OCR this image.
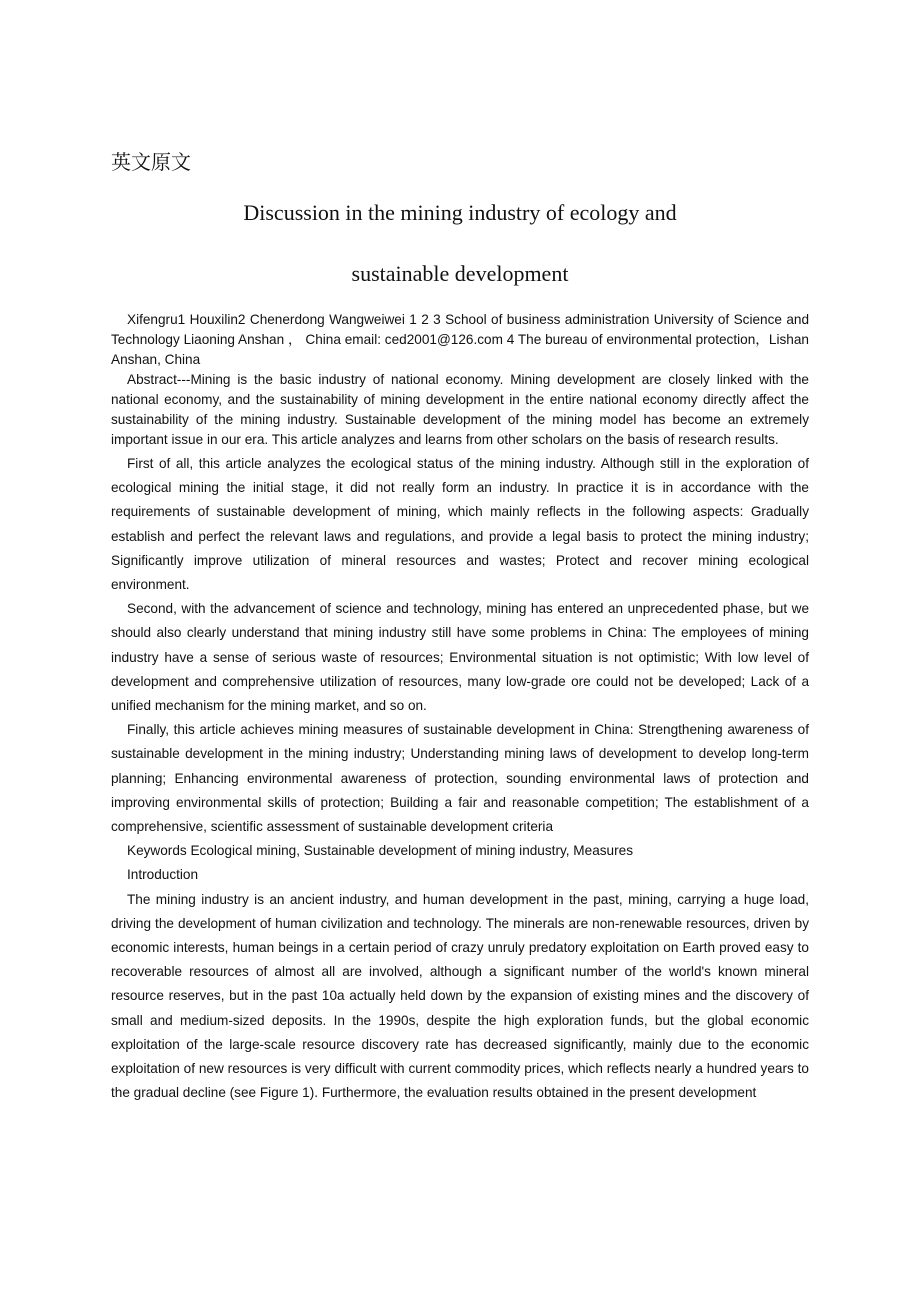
英文原文
Discussion in the mining industry of ecology and
sustainable development

Xifengru1 Houxilin2 Chenerdong Wangweiwei 1 2 3 School of business administration University of Science and Technology Liaoning Anshan ， China email: ced2001@126.com 4 The bureau of environmental protection，Lishan Anshan, China

Abstract---Mining is the basic industry of national economy. Mining development are closely linked with the national economy, and the sustainability of mining development in the entire national economy directly affect the sustainability of the mining industry. Sustainable development of the mining model has become an extremely important issue in our era. This article analyzes and learns from other scholars on the basis of research results.

First of all, this article analyzes the ecological status of the mining industry. Although still in the exploration of ecological mining the initial stage, it did not really form an industry. In practice it is in accordance with the requirements of sustainable development of mining, which mainly reflects in the following aspects: Gradually establish and perfect the relevant laws and regulations, and provide a legal basis to protect the mining industry; Significantly improve utilization of mineral resources and wastes; Protect and recover mining ecological environment.

Second, with the advancement of science and technology, mining has entered an unprecedented phase, but we should also clearly understand that mining industry still have some problems in China: The employees of mining industry have a sense of serious waste of resources; Environmental situation is not optimistic; With low level of development and comprehensive utilization of resources, many low-grade ore could not be developed; Lack of a unified mechanism for the mining market, and so on.

Finally, this article achieves mining measures of sustainable development in China: Strengthening awareness of sustainable development in the mining industry; Understanding mining laws of development to develop long-term planning; Enhancing environmental awareness of protection, sounding environmental laws of protection and improving environmental skills of protection; Building a fair and reasonable competition; The establishment of a comprehensive, scientific assessment of sustainable development criteria

Keywords Ecological mining, Sustainable development of mining industry, Measures

Introduction

The mining industry is an ancient industry, and human development in the past, mining, carrying a huge load, driving the development of human civilization and technology. The minerals are non-renewable resources, driven by economic interests, human beings in a certain period of crazy unruly predatory exploitation on Earth proved easy to recoverable resources of almost all are involved, although a significant number of the world's known mineral resource reserves, but in the past 10a actually held down by the expansion of existing mines and the discovery of small and medium-sized deposits. In the 1990s, despite the high exploration funds, but the global economic exploitation of the large-scale resource discovery rate has decreased significantly, mainly due to the economic exploitation of new resources is very difficult with current commodity prices, which reflects nearly a hundred years to the gradual decline (see Figure 1). Furthermore, the evaluation results obtained in the present development
